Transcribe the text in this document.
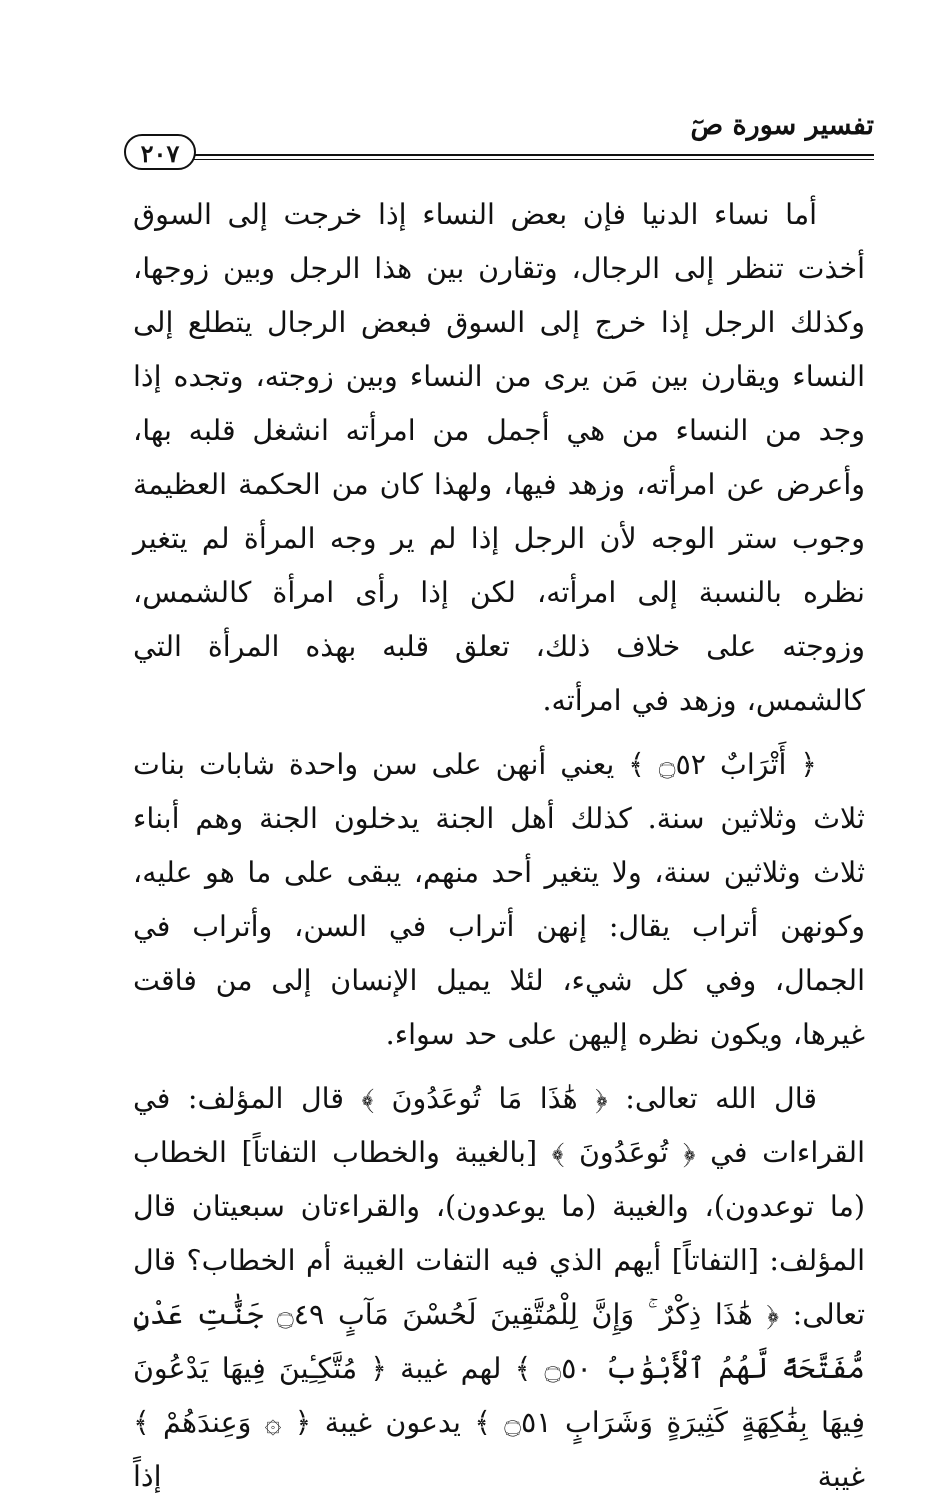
تفسير سورة صٓ
٢٠٧

أما نساء الدنيا فإن بعض النساء إذا خرجت إلى السوق أخذت تنظر إلى الرجال، وتقارن بين هذا الرجل وبين زوجها، وكذلك الرجل إذا خرج إلى السوق فبعض الرجال يتطلع إلى النساء ويقارن بين مَن يرى من النساء وبين زوجته، وتجده إذا وجد من النساء من هي أجمل من امرأته انشغل قلبه بها، وأعرض عن امرأته، وزهد فيها، ولهذا كان من الحكمة العظيمة وجوب ستر الوجه لأن الرجل إذا لم ير وجه المرأة لم يتغير نظره بالنسبة إلى امرأته، لكن إذا رأى امرأة كالشمس، وزوجته على خلاف ذلك، تعلق قلبه بهذه المرأة التي كالشمس، وزهد في امرأته.

﴿ أَتْرَابٌ ۝٥٢ ﴾ يعني أنهن على سن واحدة شابات بنات ثلاث وثلاثين سنة. كذلك أهل الجنة يدخلون الجنة وهم أبناء ثلاث وثلاثين سنة، ولا يتغير أحد منهم، يبقى على ما هو عليه، وكونهن أتراب يقال: إنهن أتراب في السن، وأتراب في الجمال، وفي كل شيء، لئلا يميل الإنسان إلى من فاقت غيرها، ويكون نظره إليهن على حد سواء.

قال الله تعالى: ﴿ هَٰذَا مَا تُوعَدُونَ ﴾ قال المؤلف: في القراءات في ﴿ تُوعَدُونَ ﴾ [بالغيبة والخطاب التفاتاً] الخطاب (ما توعدون)، والغيبة (ما يوعدون)، والقراءتان سبعيتان قال المؤلف: [التفاتاً] أيهم الذي فيه التفات الغيبة أم الخطاب؟ قال تعالى: ﴿ هَٰذَا ذِكْرٌ ۚ وَإِنَّ لِلْمُتَّقِينَ لَحُسْنَ مَآبٍ ۝٤٩ جَنَّٰتِ عَدْنٍ مُّفَتَّحَةً لَّهُمُ ٱلْأَبْوَٰبُ ۝٥٠ ﴾ لهم غيبة ﴿ مُتَّكِـِٔينَ فِيهَا يَدْعُونَ فِيهَا بِفَٰكِهَةٍ كَثِيرَةٍ وَشَرَابٍ ۝٥١ ﴾ يدعون غيبة ﴿ ۞ وَعِندَهُمْ ﴾ غيبة إذاً
